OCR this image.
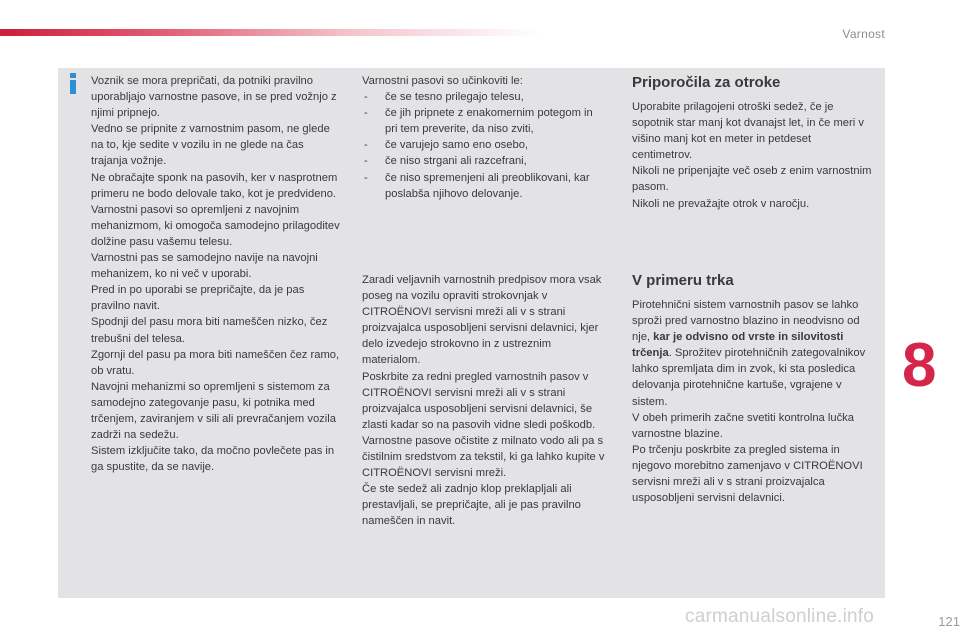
Varnost

Voznik se mora prepričati, da potniki pravilno uporabljajo varnostne pasove, in se pred vožnjo z njimi pripnejo.

Vedno se pripnite z varnostnim pasom, ne glede na to, kje sedite v vozilu in ne glede na čas trajanja vožnje.

Ne obračajte sponk na pasovih, ker v nasprotnem primeru ne bodo delovale tako, kot je predvideno.

Varnostni pasovi so opremljeni z navojnim mehanizmom, ki omogoča samodejno prilagoditev dolžine pasu vašemu telesu.

Varnostni pas se samodejno navije na navojni mehanizem, ko ni več v uporabi.

Pred in po uporabi se prepričajte, da je pas pravilno navit.

Spodnji del pasu mora biti nameščen nizko, čez trebušni del telesa.

Zgornji del pasu pa mora biti nameščen čez ramo, ob vratu.

Navojni mehanizmi so opremljeni s sistemom za samodejno zategovanje pasu, ki potnika med trčenjem, zaviranjem v sili ali prevračanjem vozila zadrži na sedežu.

Sistem izključite tako, da močno povlečete pas in ga spustite, da se navije.

Varnostni pasovi so učinkoviti le:

- če se tesno prilegajo telesu,
- če jih pripnete z enakomernim potegom in pri tem preverite, da niso zviti,
- če varujejo samo eno osebo,
- če niso strgani ali razcefrani,
- če niso spremenjeni ali preoblikovani, kar poslabša njihovo delovanje.

Zaradi veljavnih varnostnih predpisov mora vsak poseg na vozilu opraviti strokovnjak v CITROËNOVI servisni mreži ali v s strani proizvajalca usposobljeni servisni delavnici, kjer delo izvedejo strokovno in z ustreznim materialom.

Poskrbite za redni pregled varnostnih pasov v CITROËNOVI servisni mreži ali v s strani proizvajalca usposobljeni servisni delavnici, še zlasti kadar so na pasovih vidne sledi poškodb.

Varnostne pasove očistite z milnato vodo ali pa s čistilnim sredstvom za tekstil, ki ga lahko kupite v CITROËNOVI servisni mreži.

Če ste sedež ali zadnjo klop preklapljali ali prestavljali, se prepričajte, ali je pas pravilno nameščen in navit.

Priporočila za otroke

Uporabite prilagojeni otroški sedež, če je sopotnik star manj kot dvanajst let, in če meri v višino manj kot en meter in petdeset centimetrov.

Nikoli ne pripenjajte več oseb z enim varnostnim pasom.

Nikoli ne prevažajte otrok v naročju.

V primeru trka

Pirotehnični sistem varnostnih pasov se lahko sproži pred varnostno blazino in neodvisno od nje, kar je odvisno od vrste in silovitosti trčenja. Sprožitev pirotehničnih zategovalnikov lahko spremljata dim in zvok, ki sta posledica delovanja pirotehnične kartuše, vgrajene v sistem.

V obeh primerih začne svetiti kontrolna lučka varnostne blazine.

Po trčenju poskrbite za pregled sistema in njegovo morebitno zamenjavo v CITROËNOVI servisni mreži ali v s strani proizvajalca usposobljeni servisni delavnici.

8
carmanualsonline.info	121
